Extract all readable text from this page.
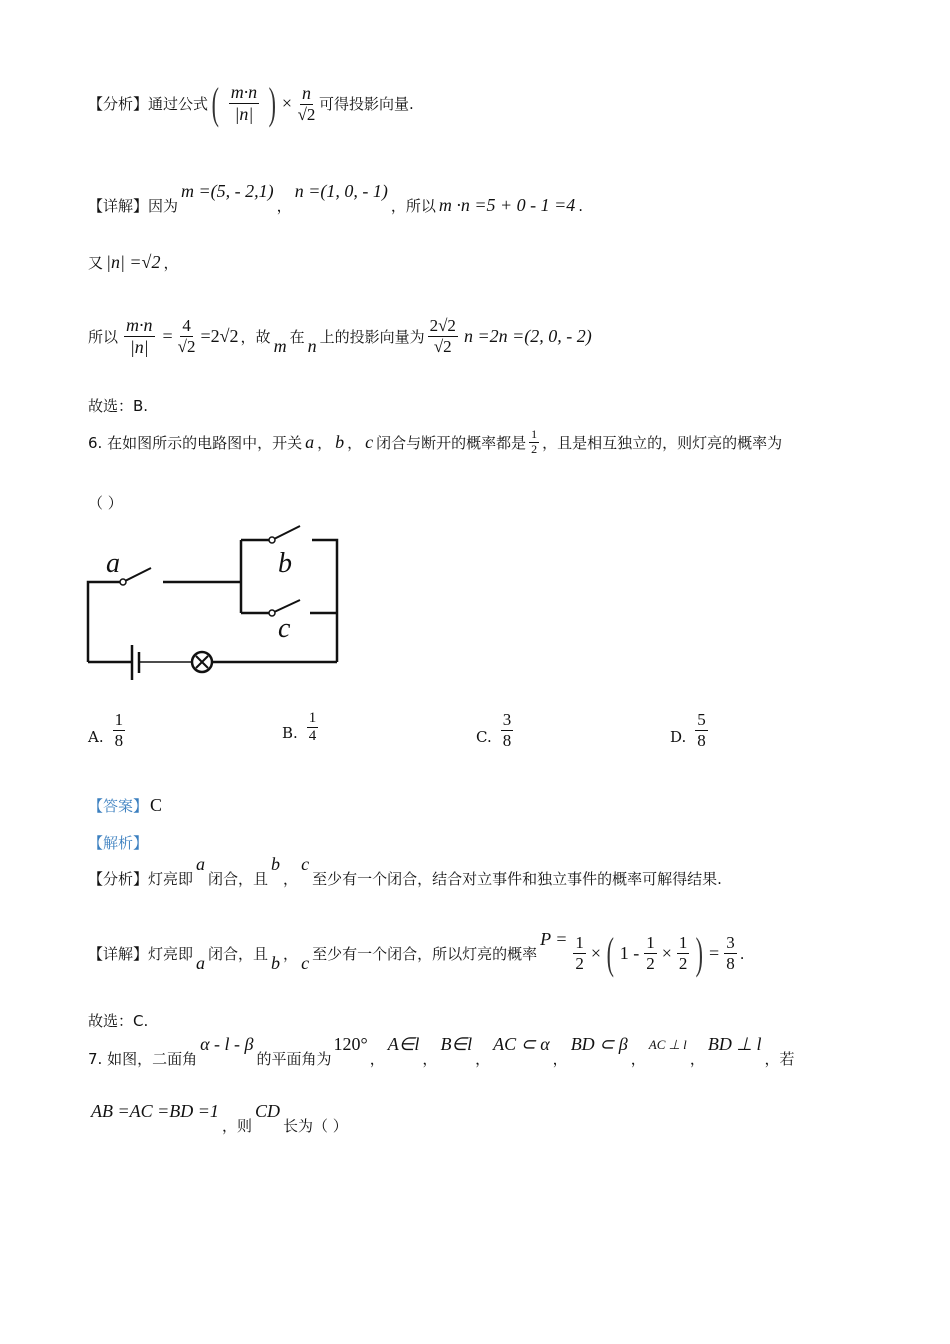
【分析】 通过公式 ( $\frac{m\cdot n}{|n|}$ ) × $\frac{n}{√2}$ 可得投影向量.
【详解】 因为
m =(5, - 2,1)
，
n =(1, 0, - 1)
，所以 m ·n =5 + 0 - 1 =4 .
又 |n| =√2 ，
所以 $\frac{m\cdot n}{|n|} = \frac{4}{√2} =2√2$ ，故 m 在 n 上的投影向量为 $\frac{2√2}{√2}$ n =2n =(2, 0, - 2)
故选：B.
6. 在如图所示的电路图中，开关 a ， b ， c 闭合与断开的概率都是 $\frac{1}{2}$ ，且是相互独立的，则灯亮的概率为
（ ）
a	b
c
A. $\frac{1}{8}$	B. $\frac{1}{4}$	C. $\frac{3}{8}$	D. $\frac{5}{8}$
【答案】 C
【解析】
【分析】 灯亮即
a
闭合，且
b
，
c
至少有一个闭合，结合对立事件和独立事件的概率可解得结果.
【详解】 灯亮即 a 闭合，且 b ， c 至少有一个闭合，所以灯亮的概率
$P = \frac{1}{2}$ × ( $1 - \frac{1}{2} \times \frac{1}{2}$ ) = $\frac{3}{8}$ .
故选：C.
7. 如图，二面角
α - l - β
的平面角为
120°
，
A∈l
，
B∈l
，
AC ⊂ α
，
BD ⊂ β
，
AC ⊥ l
，
BD ⊥ l
，若
AB =AC =BD =1
，则
CD
长为（ ）
